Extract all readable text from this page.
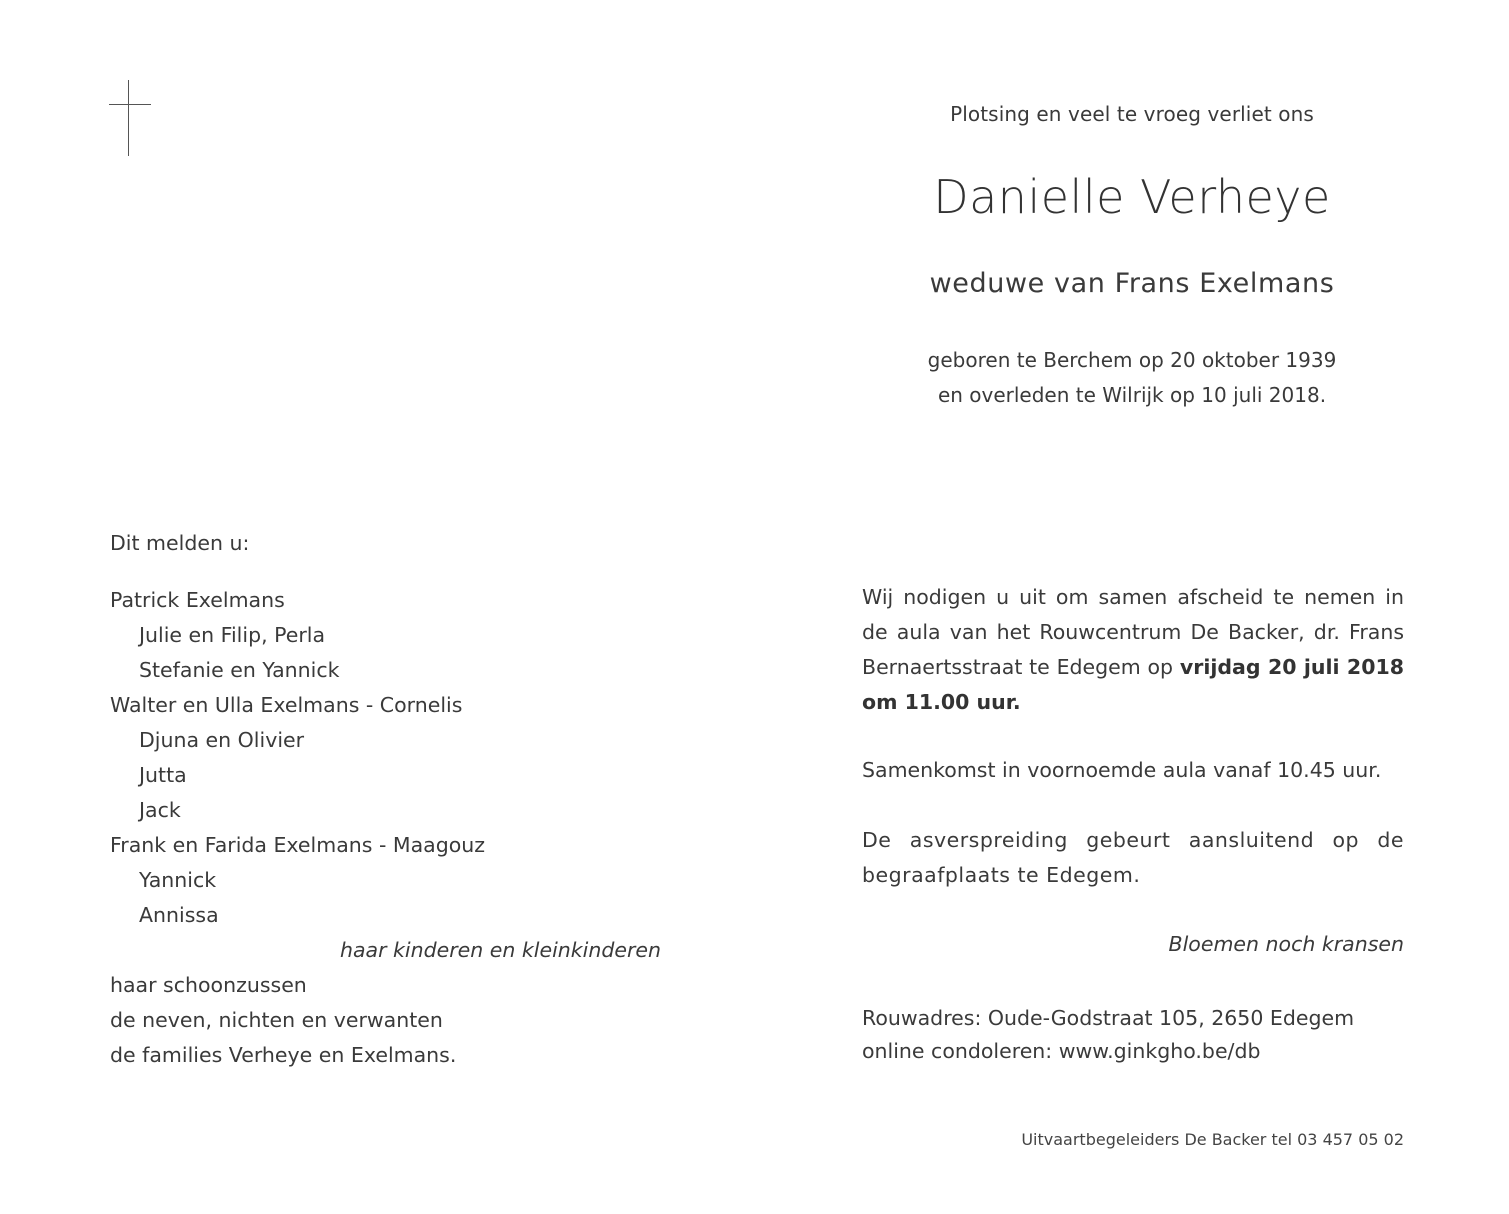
Plotsing en veel te vroeg verliet ons
Danielle Verheye
weduwe van Frans Exelmans
geboren te Berchem op 20 oktober 1939
en overleden te Wilrijk op 10 juli 2018.
Dit melden u:
Patrick Exelmans
Julie en Filip, Perla
Stefanie en Yannick
Walter en Ulla Exelmans - Cornelis
Djuna en Olivier
Jutta
Jack
Frank en Farida Exelmans - Maagouz
Yannick
Annissa
haar kinderen en kleinkinderen
haar schoonzussen
de neven, nichten en verwanten
de families Verheye en Exelmans.
Wij nodigen u uit om samen afscheid te nemen in de aula van het Rouwcentrum De Backer, dr. Frans Bernaertsstraat te Edegem op vrijdag 20 juli 2018 om 11.00 uur.
Samenkomst in voornoemde aula vanaf 10.45 uur.
De asverspreiding gebeurt aansluitend op de begraafplaats te Edegem.
Bloemen noch kransen
Rouwadres: Oude-Godstraat 105, 2650 Edegem
online condoleren: www.ginkgho.be/db
Uitvaartbegeleiders De Backer tel 03 457 05 02
